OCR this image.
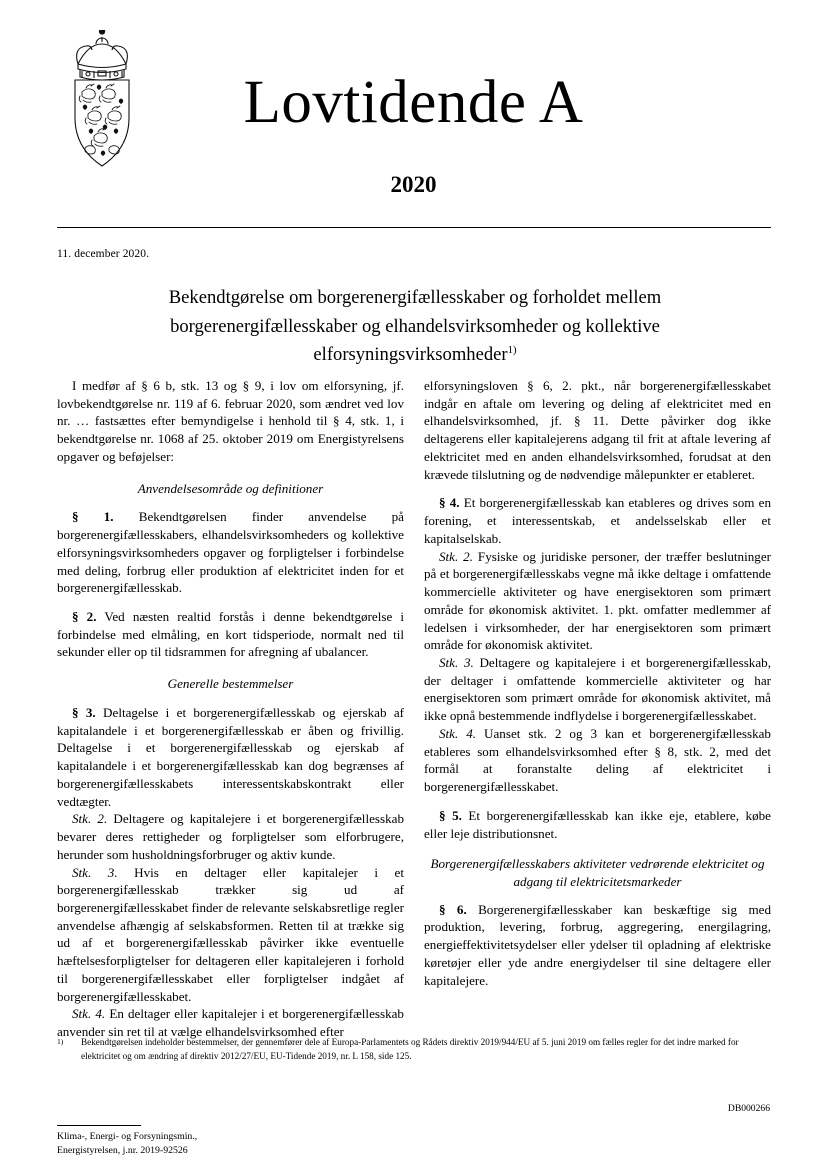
Lovtidende A
2020
11. december 2020.
Bekendtgørelse om borgerenergifællesskaber og forholdet mellem borgerenergifællesskaber og elhandelsvirksomheder og kollektive elforsyningsvirksomheder$^{1)}$

I medfør af § 6 b, stk. 13 og § 9, i lov om elforsyning, jf. lovbekendtgørelse nr. 119 af 6. februar 2020, som ændret ved lov nr. … fastsættes efter bemyndigelse i henhold til § 4, stk. 1, i bekendtgørelse nr. 1068 af 25. oktober 2019 om Energistyrelsens opgaver og beføjelser:

Anvendelsesområde og definitioner

§ 1. Bekendtgørelsen finder anvendelse på borgerenergifællesskabers, elhandelsvirksomheders og kollektive elforsyningsvirksomheders opgaver og forpligtelser i forbindelse med deling, forbrug eller produktion af elektricitet inden for et borgerenergifællesskab.

§ 2. Ved næsten realtid forstås i denne bekendtgørelse i forbindelse med elmåling, en kort tidsperiode, normalt ned til sekunder eller op til tidsrammen for afregning af ubalancer.

Generelle bestemmelser

§ 3. Deltagelse i et borgerenergifællesskab og ejerskab af kapitalandele i et borgerenergifællesskab er åben og frivillig. Deltagelse i et borgerenergifællesskab og ejerskab af kapitalandele i et borgerenergifællesskab kan dog begrænses af borgerenergifællesskabets interessentskabskontrakt eller vedtægter.

Stk. 2. Deltagere og kapitalejere i et borgerenergifællesskab bevarer deres rettigheder og forpligtelser som elforbrugere, herunder som husholdningsforbruger og aktiv kunde.

Stk. 3. Hvis en deltager eller kapitalejer i et borgerenergifællesskab trækker sig ud af borgerenergifællesskabet finder de relevante selskabsretlige regler anvendelse afhængig af selskabsformen. Retten til at trække sig ud af et borgerenergifællesskab påvirker ikke eventuelle hæftelsesforpligtelser for deltageren eller kapitalejeren i forhold til borgerenergifællesskabet eller forpligtelser indgået af borgerenergifællesskabet.

Stk. 4. En deltager eller kapitalejer i et borgerenergifællesskab anvender sin ret til at vælge elhandelsvirksomhed efter

elforsyningsloven § 6, 2. pkt., når borgerenergifællesskabet indgår en aftale om levering og deling af elektricitet med en elhandelsvirksomhed, jf. § 11. Dette påvirker dog ikke deltagerens eller kapitalejerens adgang til frit at aftale levering af elektricitet med en anden elhandelsvirksomhed, forudsat at den krævede tilslutning og de nødvendige målepunkter er etableret.

§ 4. Et borgerenergifællesskab kan etableres og drives som en forening, et interessentskab, et andelsselskab eller et kapitalselskab.

Stk. 2. Fysiske og juridiske personer, der træffer beslutninger på et borgerenergifællesskabs vegne må ikke deltage i omfattende kommercielle aktiviteter og have energisektoren som primært område for økonomisk aktivitet. 1. pkt. omfatter medlemmer af ledelsen i virksomheder, der har energisektoren som primært område for økonomisk aktivitet.

Stk. 3. Deltagere og kapitalejere i et borgerenergifællesskab, der deltager i omfattende kommercielle aktiviteter og har energisektoren som primært område for økonomisk aktivitet, må ikke opnå bestemmende indflydelse i borgerenergifællesskabet.

Stk. 4. Uanset stk. 2 og 3 kan et borgerenergifællesskab etableres som elhandelsvirksomhed efter § 8, stk. 2, med det formål at foranstalte deling af elektricitet i borgerenergifællesskabet.

§ 5. Et borgerenergifællesskab kan ikke eje, etablere, købe eller leje distributionsnet.

Borgerenergifællesskabers aktiviteter vedrørende elektricitet og adgang til elektricitetsmarkeder

§ 6. Borgerenergifællesskaber kan beskæftige sig med produktion, levering, forbrug, aggregering, energilagring, energieffektivitetsydelser eller ydelser til opladning af elektriske køretøjer eller yde andre energiydelser til sine deltagere eller kapitalejere.

1)	Bekendtgørelsen indeholder bestemmelser, der gennemfører dele af Europa-Parlamentets og Rådets direktiv 2019/944/EU af 5. juni 2019 om fælles regler for det indre marked for elektricitet og om ændring af direktiv 2012/27/EU, EU-Tidende 2019, nr. L 158, side 125.
DB000266
Klima-, Energi- og Forsyningsmin.,
Energistyrelsen, j.nr. 2019-92526
